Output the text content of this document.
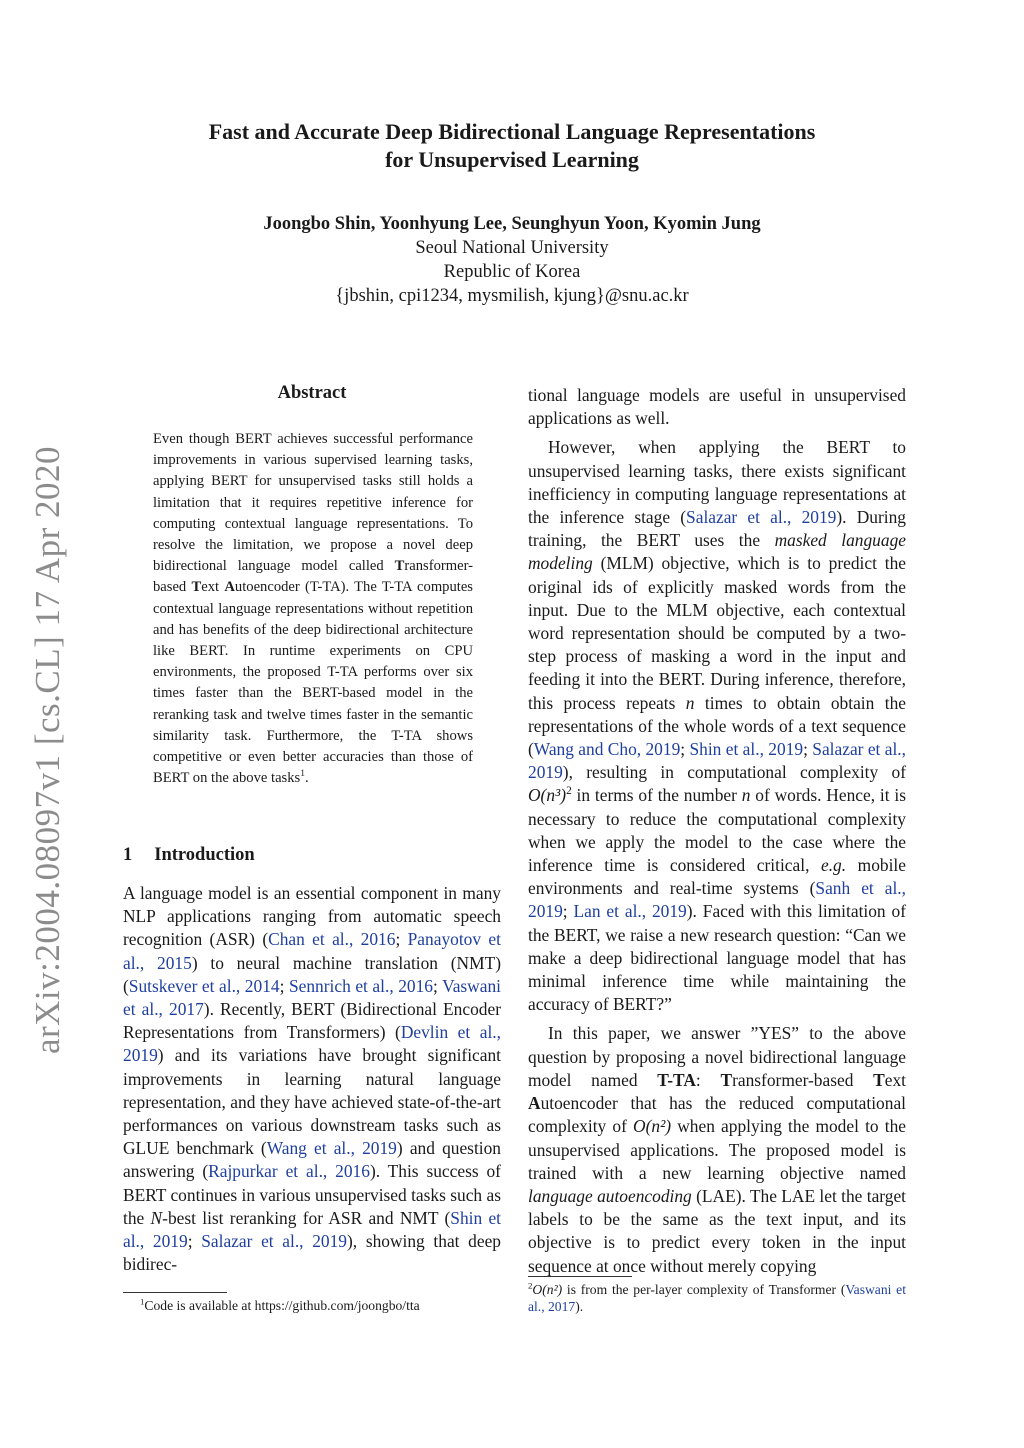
arXiv:2004.08097v1 [cs.CL] 17 Apr 2020
Fast and Accurate Deep Bidirectional Language Representations
for Unsupervised Learning
Joongbo Shin, Yoonhyung Lee, Seunghyun Yoon, Kyomin Jung
Seoul National University
Republic of Korea
{jbshin, cpi1234, mysmilish, kjung}@snu.ac.kr
Abstract
Even though BERT achieves successful performance improvements in various supervised learning tasks, applying BERT for unsupervised tasks still holds a limitation that it requires repetitive inference for computing contextual language representations. To resolve the limitation, we propose a novel deep bidirectional language model called Transformer-based Text Autoencoder (T-TA). The T-TA computes contextual language representations without repetition and has benefits of the deep bidirectional architecture like BERT. In runtime experiments on CPU environments, the proposed T-TA performs over six times faster than the BERT-based model in the reranking task and twelve times faster in the semantic similarity task. Furthermore, the T-TA shows competitive or even better accuracies than those of BERT on the above tasks$^1$.
1 Introduction

A language model is an essential component in many NLP applications ranging from automatic speech recognition (ASR) (Chan et al., 2016; Panayotov et al., 2015) to neural machine translation (NMT) (Sutskever et al., 2014; Sennrich et al., 2016; Vaswani et al., 2017). Recently, BERT (Bidirectional Encoder Representations from Transformers) (Devlin et al., 2019) and its variations have brought significant improvements in learning natural language representation, and they have achieved state-of-the-art performances on various downstream tasks such as GLUE benchmark (Wang et al., 2019) and question answering (Rajpurkar et al., 2016). This success of BERT continues in various unsupervised tasks such as the N-best list reranking for ASR and NMT (Shin et al., 2019; Salazar et al., 2019), showing that deep bidirec-

tional language models are useful in unsupervised applications as well.

However, when applying the BERT to unsupervised learning tasks, there exists significant inefficiency in computing language representations at the inference stage (Salazar et al., 2019). During training, the BERT uses the masked language modeling (MLM) objective, which is to predict the original ids of explicitly masked words from the input. Due to the MLM objective, each contextual word representation should be computed by a two-step process of masking a word in the input and feeding it into the BERT. During inference, therefore, this process repeats n times to obtain obtain the representations of the whole words of a text sequence (Wang and Cho, 2019; Shin et al., 2019; Salazar et al., 2019), resulting in computational complexity of $O(n^3)^2$ in terms of the number n of words. Hence, it is necessary to reduce the computational complexity when we apply the model to the case where the inference time is considered critical, e.g. mobile environments and real-time systems (Sanh et al., 2019; Lan et al., 2019). Faced with this limitation of the BERT, we raise a new research question: “Can we make a deep bidirectional language model that has minimal inference time while maintaining the accuracy of BERT?”

In this paper, we answer ”YES” to the above question by proposing a novel bidirectional language model named T-TA: Transformer-based Text Autoencoder that has the reduced computational complexity of O(n²) when applying the model to the unsupervised applications. The proposed model is trained with a new learning objective named language autoencoding (LAE). The LAE let the target labels to be the same as the text input, and its objective is to predict every token in the input sequence at once without merely copying

$^1$Code is available at https://github.com/joongbo/tta
$^2$O(n²) is from the per-layer complexity of Transformer (Vaswani et al., 2017).
